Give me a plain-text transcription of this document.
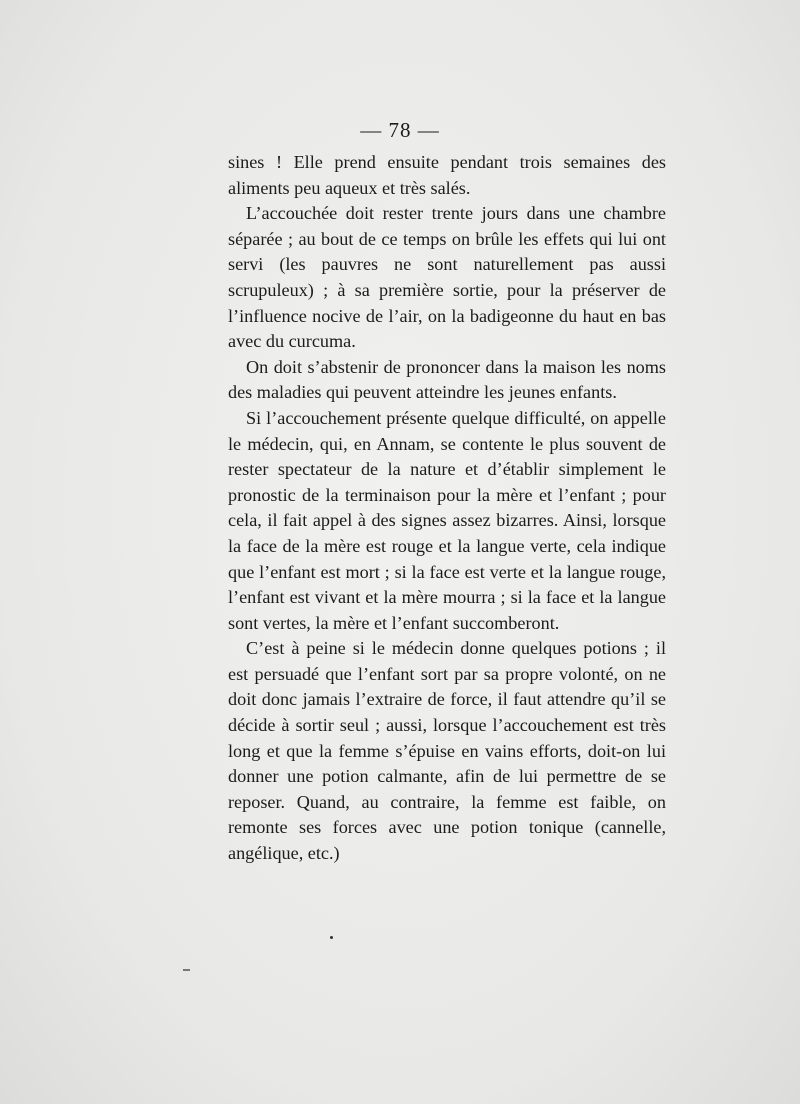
— 78 —

sines ! Elle prend ensuite pendant trois semaines des aliments peu aqueux et très salés.

L’accouchée doit rester trente jours dans une chambre séparée ; au bout de ce temps on brûle les effets qui lui ont servi (les pauvres ne sont naturellement pas aussi scrupuleux) ; à sa première sortie, pour la préserver de l’influence nocive de l’air, on la badigeonne du haut en bas avec du curcuma.

On doit s’abstenir de prononcer dans la maison les noms des maladies qui peuvent atteindre les jeunes enfants.

Si l’accouchement présente quelque difficulté, on appelle le médecin, qui, en Annam, se contente le plus souvent de rester spectateur de la nature et d’établir simplement le pronostic de la terminaison pour la mère et l’enfant ; pour cela, il fait appel à des signes assez bizarres. Ainsi, lorsque la face de la mère est rouge et la langue verte, cela indique que l’enfant est mort ; si la face est verte et la langue rouge, l’enfant est vivant et la mère mourra ; si la face et la langue sont vertes, la mère et l’enfant succomberont.

C’est à peine si le médecin donne quelques potions ; il est persuadé que l’enfant sort par sa propre volonté, on ne doit donc jamais l’extraire de force, il faut attendre qu’il se décide à sortir seul ; aussi, lorsque l’accouchement est très long et que la femme s’épuise en vains efforts, doit-on lui donner une potion calmante, afin de lui permettre de se reposer. Quand, au contraire, la femme est faible, on remonte ses forces avec une potion tonique (cannelle, angélique, etc.)
